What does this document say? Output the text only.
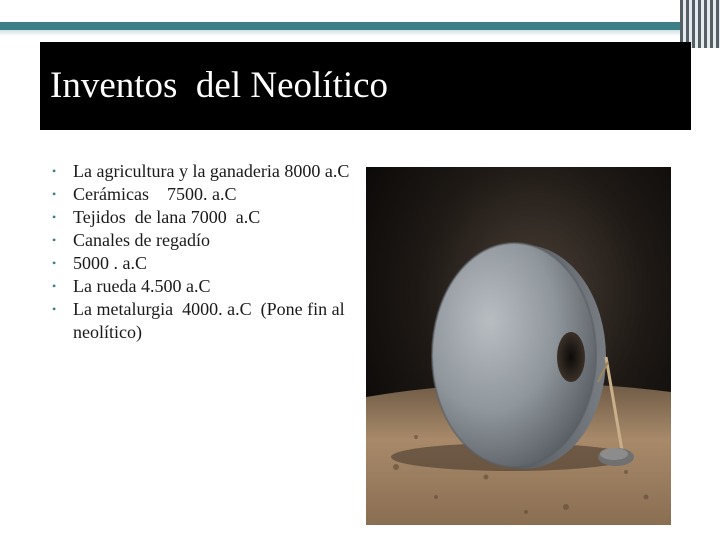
Inventos  del Neolítico
• La agricultura y la ganaderia 8000 a.C
• Cerámicas    7500. a.C
• Tejidos  de lana 7000  a.C
• Canales de regadío
• 5000 . a.C
• La rueda 4.500 a.C
• La metalurgia  4000. a.C  (Pone fin al neolítico)
